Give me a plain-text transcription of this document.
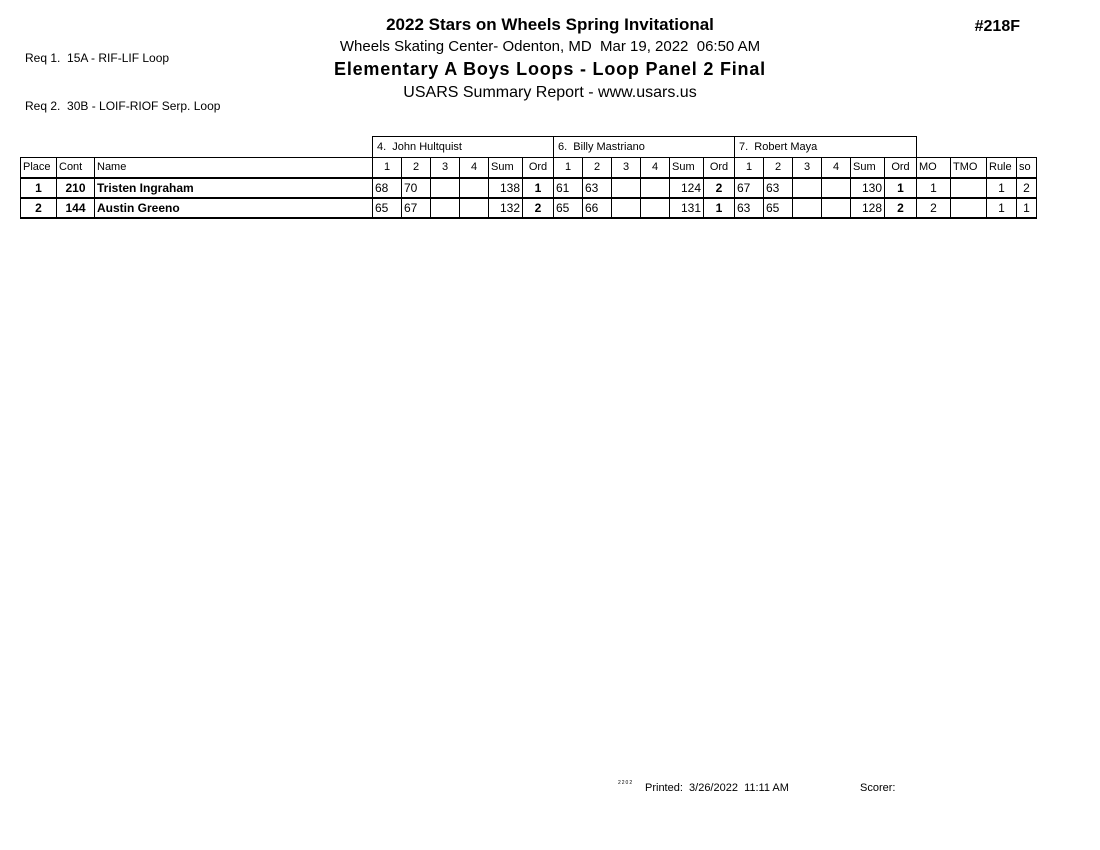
Req 1.  15A - RIF-LIF Loop

Req 2.  30B - LOIF-RIOF Serp. Loop

2022 Stars on Wheels Spring Invitational
Wheels Skating Center- Odenton, MD  Mar 19, 2022  06:50 AM
Elementary A Boys Loops - Loop Panel 2 Final
USARS Summary Report - www.usars.us
#218F
			4.  John Hultquist						6.  Billy Mastriano						7.  Robert Maya									
Place	Cont	Name	1	2	3	4	Sum	Ord	1	2	3	4	Sum	Ord	1	2	3	4	Sum	Ord	MO	TMO	Rule	so
1	210	Tristen Ingraham	68	70			138	1	61	63			124	2	67	63			130	1	1		1	2
2	144	Austin Greeno	65	67			132	2	65	66			131	1	63	65			128	2	2		1	1
2202 Printed:  3/26/2022  11:11 AM	Scorer:
